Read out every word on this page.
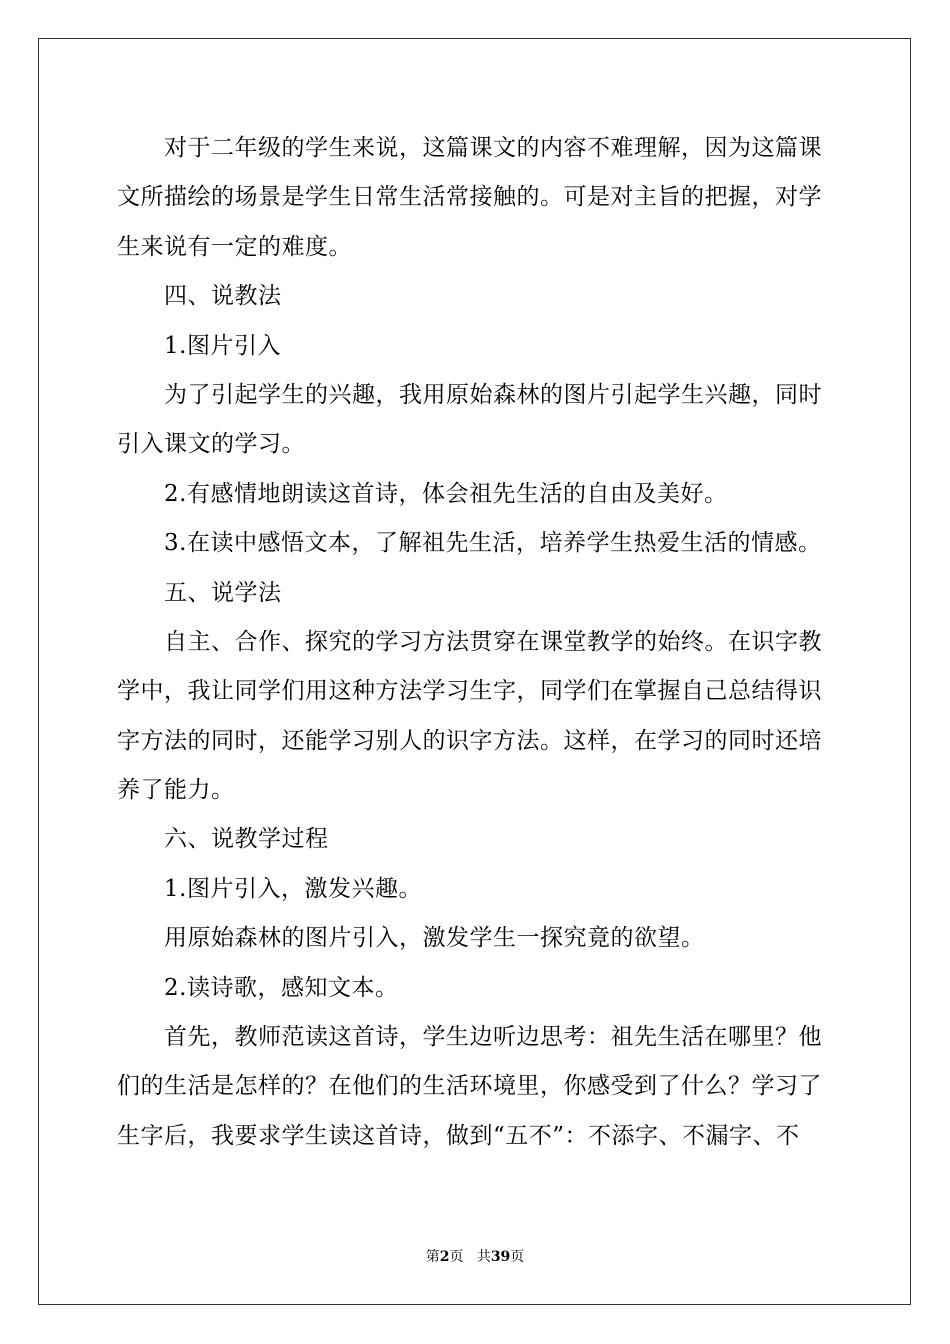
对于二年级的学生来说，这篇课文的内容不难理解，因为这篇课
文所描绘的场景是学生日常生活常接触的。可是对主旨的把握，对学
生来说有一定的难度。
四、说教法
1.图片引入
为了引起学生的兴趣，我用原始森林的图片引起学生兴趣，同时
引入课文的学习。
2.有感情地朗读这首诗，体会祖先生活的自由及美好。
3.在读中感悟文本，了解祖先生活，培养学生热爱生活的情感。
五、说学法
自主、合作、探究的学习方法贯穿在课堂教学的始终。在识字教
学中，我让同学们用这种方法学习生字，同学们在掌握自己总结得识
字方法的同时，还能学习别人的识字方法。这样，在学习的同时还培
养了能力。
六、说教学过程
1.图片引入，激发兴趣。
用原始森林的图片引入，激发学生一探究竟的欲望。
2.读诗歌，感知文本。
首先，教师范读这首诗，学生边听边思考：祖先生活在哪里？他
们的生活是怎样的？在他们的生活环境里，你感受到了什么？学习了
生字后，我要求学生读这首诗，做到“五不”：不添字、不漏字、不
第2页 共39页
